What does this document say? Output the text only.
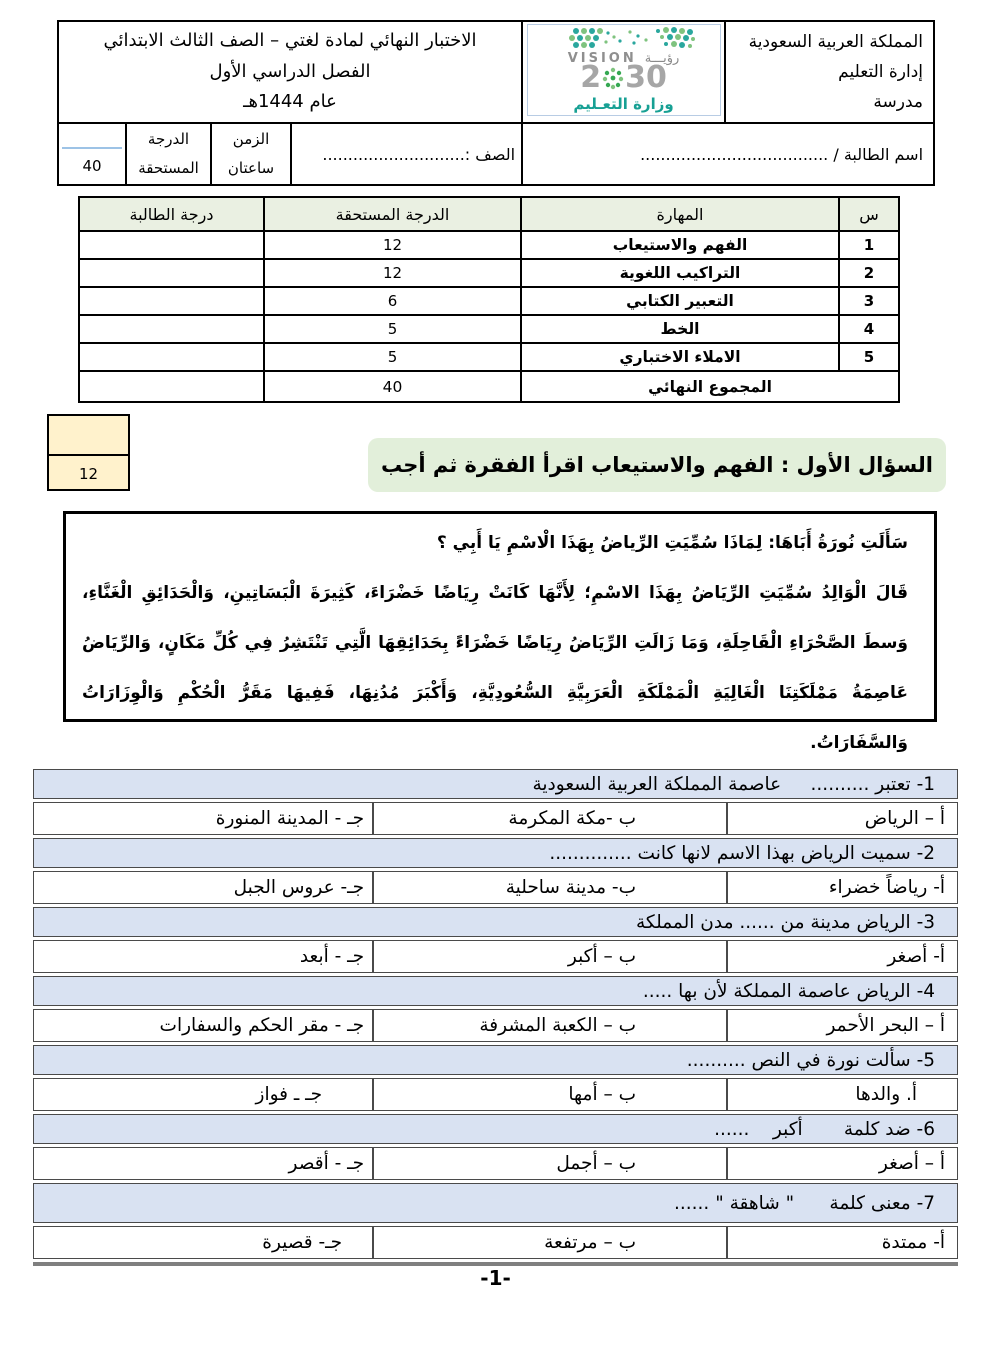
المملكة العربية السعودية
إدارة التعليم
مدرسة

VISION رؤيـــة
2 30
وزارة التعـليم

الاختبار النهائي لمادة لغتي – الصف الثالث الابتدائي
الفصل الدراسي الأول
عام 1444هـ

اسم الطالبة / .....................................	الصف :............................	
الزمن
ساعتان

الدرجة
المستحقة

40
س	المهارة	الدرجة المستحقة	درجة الطالبة
1	الفهم والاستيعاب	12	
2	التراكيب اللغوية	12	
3	التعبير الكتابي	6	
4	الخط	5	
5	الاملاء الاختباري	5	
المجموع النهائي		40	
12	السؤال الأول : الفهم والاستيعاب اقرأ الفقرة ثم أجب

سَأَلَتِ نُورَةُ أَبَاهَا: لِمَاذَا سُمِّيَتِ الرِّياضُ بِهَذَا الْاسْمِ يَا أَبِي ؟

قَالَ الْوَالِدُ سُمِّيَتِ الرِّيَاضُ بِهَذَا الاسْمِ؛ لِأَنَّهَا كَانَتْ رِيَاضًا خَضْرَاءَ، كَثِيرَةَ الْبَسَاتِينِ، وَالْحَدَائِقِ الْغَنَّاءِ، وَسطَ الصَّحْرَاءِ الْقَاحِلَةِ، وَمَا زَالَتِ الرِّيَاضُ رِيَاضًا خَضْرَاءً بِحَدَائِقِهَا الَّتِي تَنْتَشِرُ فِي كُلِّ مَكَانٍ، وَالرِّيَاضُ عَاصِمَةُ مَمْلَكَتِنَا الْغَالِيَةِ الْمَمْلَكَةِ الْعَرَبِيَّةِ السُّعُودِيَّةِ، وَأَكْبَرَ مُدُنِهَا، فَفِيهَا مَقَرُّ الْحُكْمِ وَالْوِزَارَاتُ وَالسَّفَارَاتُ.

1- تعتبر ..........     عاصمة المملكة العربية السعودية		
أ – الرياض	ب -مكة المكرمة	جـ - المدينة المنورة
2- سميت الرياض بهذا الاسم لانها كانت ..............		
أ- رياضاً خضراء	ب- مدينة ساحلية	جـ- عروس الجبل
3- الرياض مدينة من ...... مدن المملكة		
أ- أصغر	ب – أكبر	جـ - أبعد
4- الرياض عاصمة المملكة لأن بها .....		
أ – البحر الأحمر	ب – الكعبة المشرفة	جـ - مقر الحكم والسفارات
5- سألت نورة في النص ..........		
أ. والدها	ب – أمها	جـ ـ فواز
6- ضد كلمة       أكبر    ......		
أ – أصغر	ب – أجمل	جـ - أقصر
7- معنى كلمة      " شاهقة " ......		
أ- ممتدة	ب – مرتفعة	جـ- قصيرة
-1-
